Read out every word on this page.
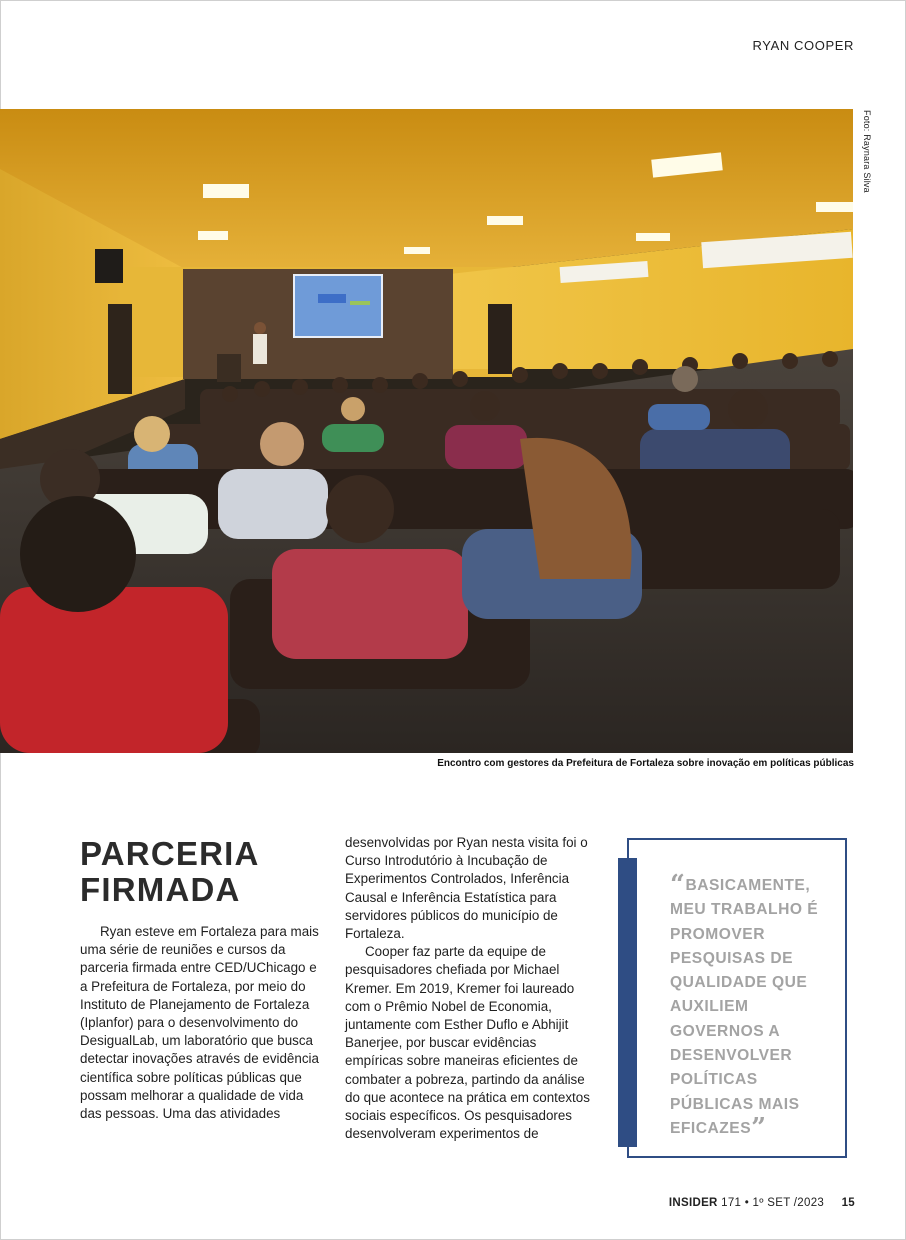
RYAN COOPER
Foto: Raynara Silva
Encontro com gestores da Prefeitura de Fortaleza sobre inovação em políticas públicas
PARCERIA
FIRMADA

Ryan esteve em Fortaleza para mais uma série de reuniões e cursos da parceria firmada entre CED/UChicago e a Prefeitura de Fortaleza, por meio do Instituto de Planejamento de Fortaleza (Iplanfor) para o desenvolvimento do DesigualLab, um laboratório que busca detectar inovações através de evidência científica sobre políticas públicas que possam melhorar a qualidade de vida das pessoas. Uma das atividades

desenvolvidas por Ryan nesta visita foi o Curso Introdutório à Incubação de Experimentos Controlados, Inferência Causal e Inferência Estatística para servidores públicos do município de Fortaleza.

Cooper faz parte da equipe de pesquisadores chefiada por Michael Kremer. Em 2019, Kremer foi laureado com o Prêmio Nobel de Economia, juntamente com Esther Duflo e Abhijit Banerjee, por buscar evidências empíricas sobre maneiras eficientes de combater a pobreza, partindo da análise do que acontece na prática em contextos sociais específicos. Os pesquisadores desenvolveram experimentos de

“BASICAMENTE, MEU TRABALHO É PROMOVER PESQUISAS DE QUALIDADE QUE AUXILIEM GOVERNOS A DESENVOLVER POLÍTICAS PÚBLICAS MAIS EFICAZES”
INSIDER 171 • 1º SET /2023 15
